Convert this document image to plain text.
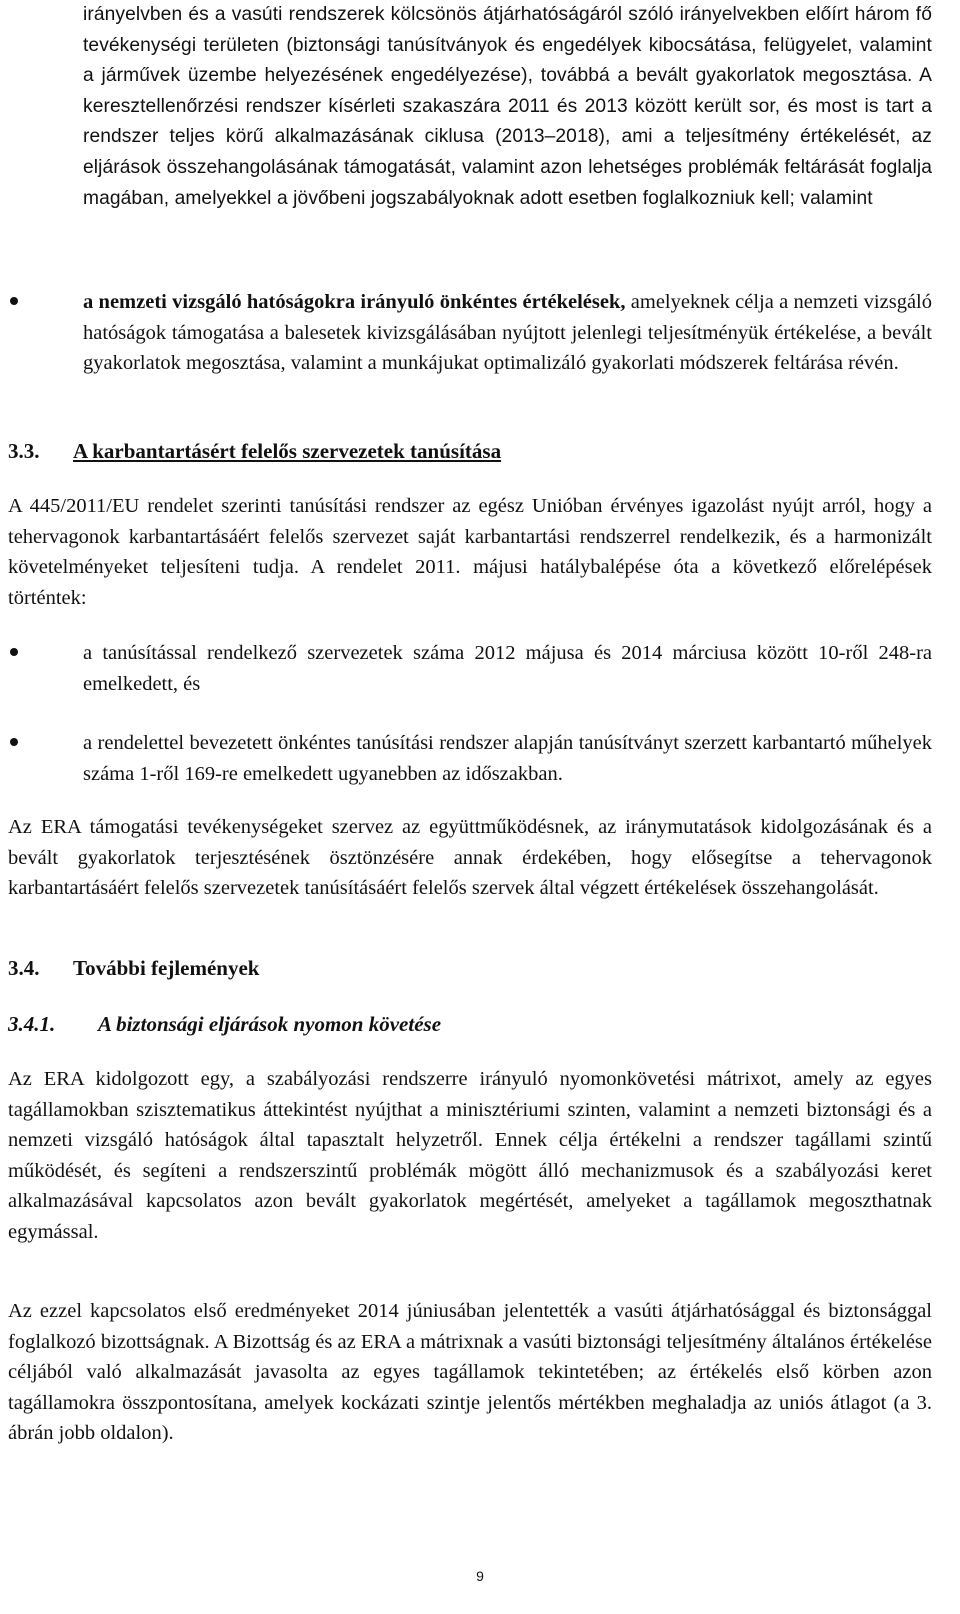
irányelvben és a vasúti rendszerek kölcsönös átjárhatóságáról szóló irányelvekben előírt három fő tevékenységi területen (biztonsági tanúsítványok és engedélyek kibocsátása, felügyelet, valamint a járművek üzembe helyezésének engedélyezése), továbbá a bevált gyakorlatok megosztása. A keresztellenőrzési rendszer kísérleti szakaszára 2011 és 2013 között került sor, és most is tart a rendszer teljes körű alkalmazásának ciklusa (2013–2018), ami a teljesítmény értékelését, az eljárások összehangolásának támogatását, valamint azon lehetséges problémák feltárását foglalja magában, amelyekkel a jövőbeni jogszabályoknak adott esetben foglalkozniuk kell; valamint

a nemzeti vizsgáló hatóságokra irányuló önkéntes értékelések, amelyeknek célja a nemzeti vizsgáló hatóságok támogatása a balesetek kivizsgálásában nyújtott jelenlegi teljesítményük értékelése, a bevált gyakorlatok megosztása, valamint a munkájukat optimalizáló gyakorlati módszerek feltárása révén.

3.3. A karbantartásért felelős szervezetek tanúsítása

A 445/2011/EU rendelet szerinti tanúsítási rendszer az egész Unióban érvényes igazolást nyújt arról, hogy a tehervagonok karbantartásáért felelős szervezet saját karbantartási rendszerrel rendelkezik, és a harmonizált követelményeket teljesíteni tudja. A rendelet 2011. májusi hatálybalépése óta a következő előrelépések történtek:

a tanúsítással rendelkező szervezetek száma 2012 májusa és 2014 márciusa között 10-ről 248-ra emelkedett, és

a rendelettel bevezetett önkéntes tanúsítási rendszer alapján tanúsítványt szerzett karbantartó műhelyek száma 1-ről 169-re emelkedett ugyanebben az időszakban.

Az ERA támogatási tevékenységeket szervez az együttműködésnek, az iránymutatások kidolgozásának és a bevált gyakorlatok terjesztésének ösztönzésére annak érdekében, hogy elősegítse a tehervagonok karbantartásáért felelős szervezetek tanúsításáért felelős szervek által végzett értékelések összehangolását.

3.4. További fejlemények
3.4.1. A biztonsági eljárások nyomon követése

Az ERA kidolgozott egy, a szabályozási rendszerre irányuló nyomonkövetési mátrixot, amely az egyes tagállamokban szisztematikus áttekintést nyújthat a minisztériumi szinten, valamint a nemzeti biztonsági és a nemzeti vizsgáló hatóságok által tapasztalt helyzetről. Ennek célja értékelni a rendszer tagállami szintű működését, és segíteni a rendszerszintű problémák mögött álló mechanizmusok és a szabályozási keret alkalmazásával kapcsolatos azon bevált gyakorlatok megértését, amelyeket a tagállamok megoszthatnak egymással.

Az ezzel kapcsolatos első eredményeket 2014 júniusában jelentették a vasúti átjárhatósággal és biztonsággal foglalkozó bizottságnak. A Bizottság és az ERA a mátrixnak a vasúti biztonsági teljesítmény általános értékelése céljából való alkalmazását javasolta az egyes tagállamok tekintetében; az értékelés első körben azon tagállamokra összpontosítana, amelyek kockázati szintje jelentős mértékben meghaladja az uniós átlagot (a 3. ábrán jobb oldalon).

9
